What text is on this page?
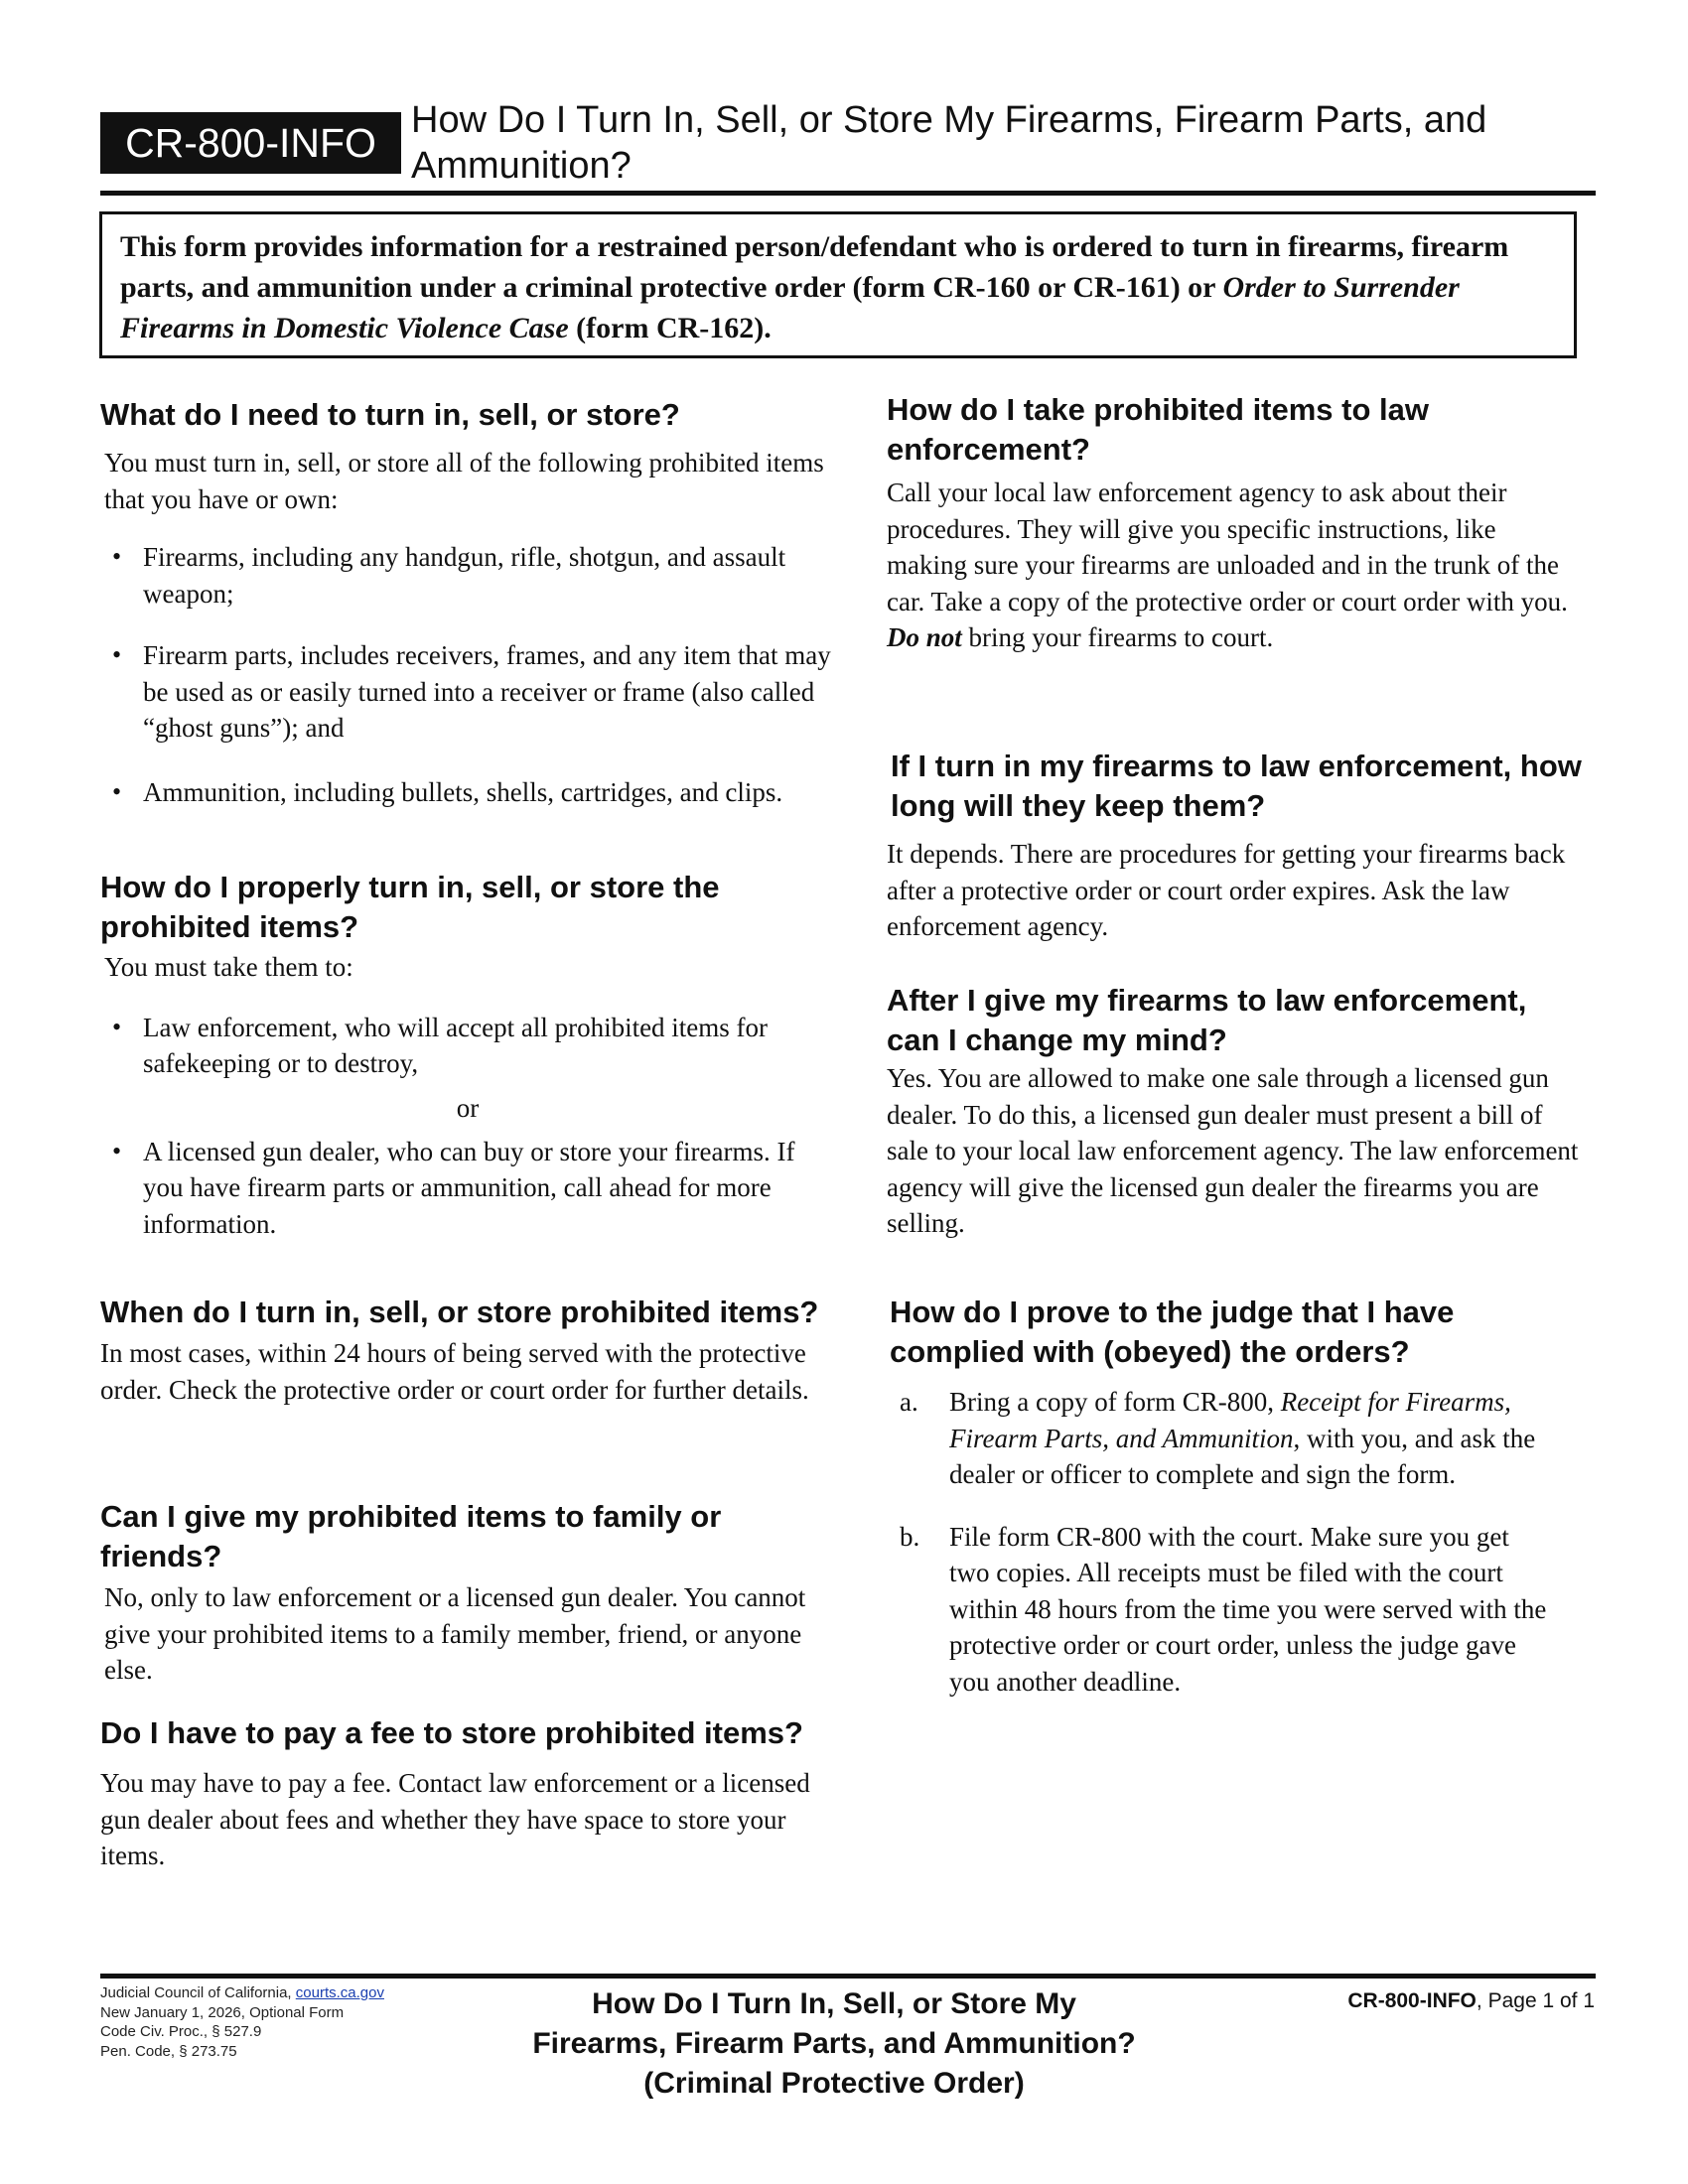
CR-800-INFO How Do I Turn In, Sell, or Store My Firearms, Firearm Parts, and
Ammunition?
This form provides information for a restrained person/defendant who is ordered to turn in firearms, firearm parts, and ammunition under a criminal protective order (form CR-160 or CR-161) or Order to Surrender Firearms in Domestic Violence Case (form CR-162).
What do I need to turn in, sell, or store?

You must turn in, sell, or store all of the following prohibited items that you have or own:

• Firearms, including any handgun, rifle, shotgun, and assault weapon;
• Firearm parts, includes receivers, frames, and any item that may be used as or easily turned into a receiver or frame (also called “ghost guns”); and
• Ammunition, including bullets, shells, cartridges, and clips.
How do I properly turn in, sell, or store the prohibited items?

You must take them to:

• Law enforcement, who will accept all prohibited items for safekeeping or to destroy,
or
• A licensed gun dealer, who can buy or store your firearms. If you have firearm parts or ammunition, call ahead for more information.
When do I turn in, sell, or store prohibited items?

In most cases, within 24 hours of being served with the protective order. Check the protective order or court order for further details.

Can I give my prohibited items to family or friends?

No, only to law enforcement or a licensed gun dealer. You cannot give your prohibited items to a family member, friend, or anyone else.

Do I have to pay a fee to store prohibited items?

You may have to pay a fee. Contact law enforcement or a licensed gun dealer about fees and whether they have space to store your items.

How do I take prohibited items to law enforcement?

Call your local law enforcement agency to ask about their procedures. They will give you specific instructions, like making sure your firearms are unloaded and in the trunk of the car. Take a copy of the protective order or court order with you. Do not bring your firearms to court.

If I turn in my firearms to law enforcement, how long will they keep them?

It depends. There are procedures for getting your firearms back after a protective order or court order expires. Ask the law enforcement agency.

After I give my firearms to law enforcement, can I change my mind?

Yes. You are allowed to make one sale through a licensed gun dealer. To do this, a licensed gun dealer must present a bill of sale to your local law enforcement agency. The law enforcement agency will give the licensed gun dealer the firearms you are selling.

How do I prove to the judge that I have complied with (obeyed) the orders?
a. Bring a copy of form CR-800, Receipt for Firearms, Firearm Parts, and Ammunition, with you, and ask the dealer or officer to complete and sign the form.
b. File form CR-800 with the court. Make sure you get two copies. All receipts must be filed with the court within 48 hours from the time you were served with the protective order or court order, unless the judge gave you another deadline.
Judicial Council of California, courts.ca.gov
New January 1, 2026, Optional Form
Code Civ. Proc., § 527.9
Pen. Code, § 273.75
How Do I Turn In, Sell, or Store My
Firearms, Firearm Parts, and Ammunition?
(Criminal Protective Order)
CR-800-INFO, Page 1 of 1
